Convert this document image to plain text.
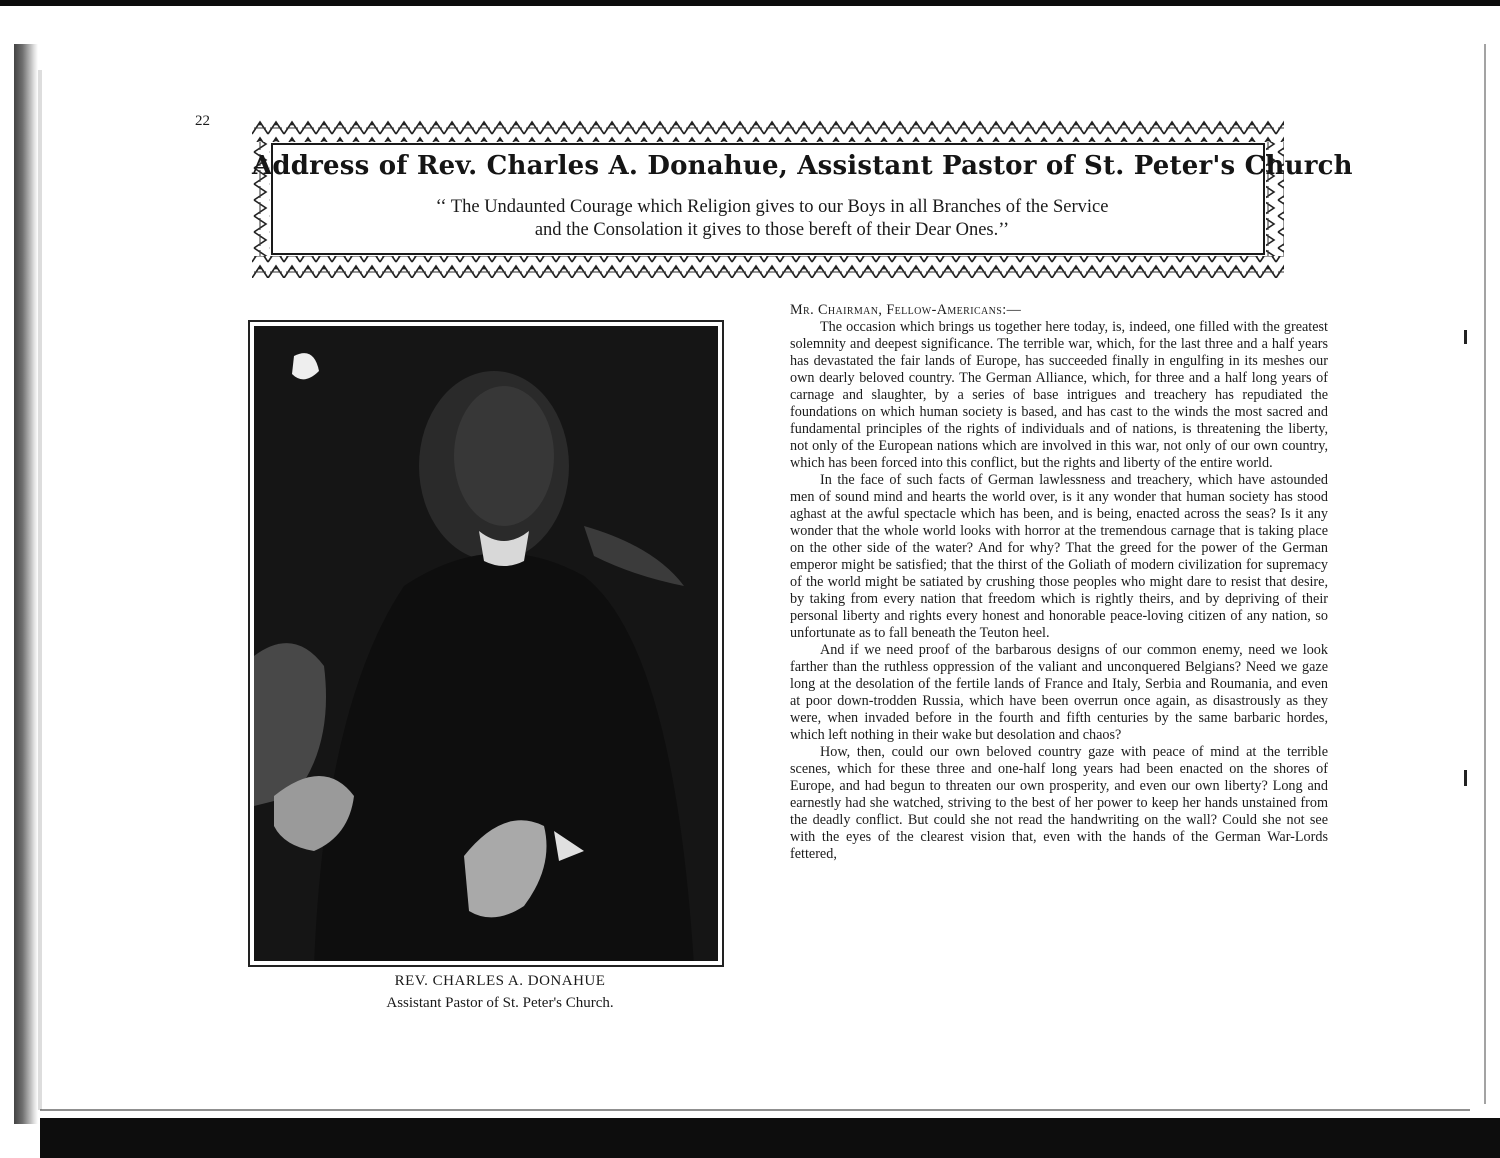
22
Address of Rev. Charles A. Donahue, Assistant Pastor of St. Peter's Church
‘‘ The Undaunted Courage which Religion gives to our Boys in all Branches of the Service
and the Consolation it gives to those bereft of their Dear Ones.’’
REV. CHARLES A. DONAHUE
Assistant Pastor of St. Peter's Church.

Mr. Chairman, Fellow-Americans:—

The occasion which brings us together here today, is, indeed, one filled with the greatest solemnity and deepest significance. The terrible war, which, for the last three and a half years has devastated the fair lands of Europe, has succeeded finally in engulfing in its meshes our own dearly beloved country. The German Alliance, which, for three and a half long years of carnage and slaughter, by a series of base intrigues and treachery has repudiated the foundations on which human society is based, and has cast to the winds the most sacred and fundamental principles of the rights of individuals and of nations, is threatening the liberty, not only of the European nations which are involved in this war, not only of our own country, which has been forced into this conflict, but the rights and liberty of the entire world.

In the face of such facts of German lawlessness and treachery, which have astounded men of sound mind and hearts the world over, is it any wonder that human society has stood aghast at the awful spectacle which has been, and is being, enacted across the seas? Is it any wonder that the whole world looks with horror at the tremendous carnage that is taking place on the other side of the water? And for why? That the greed for the power of the German emperor might be satisfied; that the thirst of the Goliath of modern civilization for supremacy of the world might be satiated by crushing those peoples who might dare to resist that desire, by taking from every nation that freedom which is rightly theirs, and by depriving of their personal liberty and rights every honest and honorable peace-loving citizen of any nation, so unfortunate as to fall beneath the Teuton heel.

And if we need proof of the barbarous designs of our common enemy, need we look farther than the ruthless oppression of the valiant and unconquered Belgians? Need we gaze long at the desolation of the fertile lands of France and Italy, Serbia and Roumania, and even at poor down-trodden Russia, which have been overrun once again, as disastrously as they were, when invaded before in the fourth and fifth centuries by the same barbaric hordes, which left nothing in their wake but desolation and chaos?

How, then, could our own beloved country gaze with peace of mind at the terrible scenes, which for these three and one-half long years had been enacted on the shores of Europe, and had begun to threaten our own prosperity, and even our own liberty? Long and earnestly had she watched, striving to the best of her power to keep her hands unstained from the deadly conflict. But could she not read the handwriting on the wall? Could she not see with the eyes of the clearest vision that, even with the hands of the German War-Lords fettered,
